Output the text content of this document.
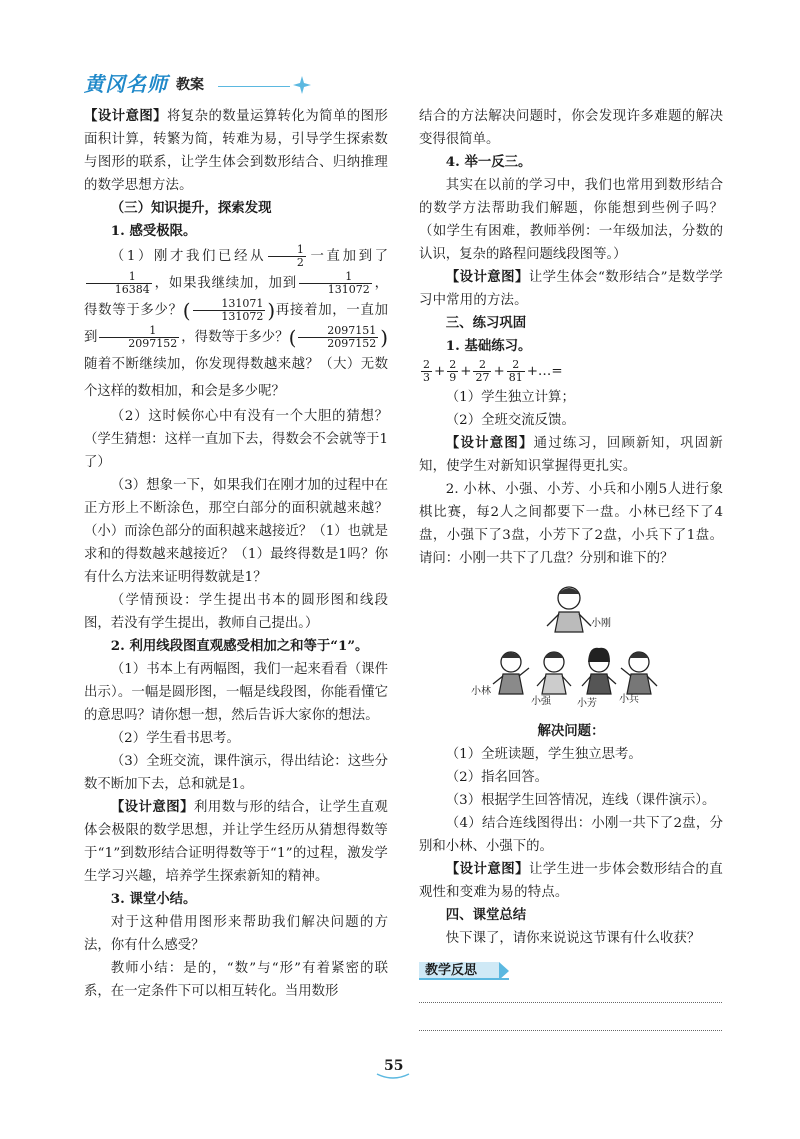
黄冈名师 教案

【设计意图】将复杂的数量运算转化为简单的图形面积计算，转繁为简，转难为易，引导学生探索数与图形的联系，让学生体会到数形结合、归纳推理的数学思想方法。

（三）知识提升，探索发现

1. 感受极限。

（1）刚才我们已经从 $\frac{1}{2}$ 一直加到了
$\frac{1}{16384}$ ，如果我继续加，加到 $\frac{1}{131072}$ ，得数等于多少？( $\frac{131071}{131072}$ )再接着加，一直加到 $\frac{1}{2097152}$ ，得数等于多少？( $\frac{2097151}{2097152}$ )随着不断继续加，你发现得数越来越？（大）无数个这样的数相加，和会是多少呢？

（2）这时候你心中有没有一个大胆的猜想？（学生猜想：这样一直加下去，得数会不会就等于1了）

（3）想象一下，如果我们在刚才加的过程中在正方形上不断涂色，那空白部分的面积就越来越？（小）而涂色部分的面积越来越接近？（1）也就是求和的得数越来越接近？（1）最终得数是1吗？你有什么方法来证明得数就是1？

（学情预设：学生提出书本的圆形图和线段图，若没有学生提出，教师自己提出。）

2. 利用线段图直观感受相加之和等于“1”。

（1）书本上有两幅图，我们一起来看看（课件出示）。一幅是圆形图，一幅是线段图，你能看懂它的意思吗？请你想一想，然后告诉大家你的想法。

（2）学生看书思考。

（3）全班交流，课件演示，得出结论：这些分数不断加下去，总和就是1。

【设计意图】利用数与形的结合，让学生直观体会极限的数学思想，并让学生经历从猜想得数等于“1”到数形结合证明得数等于“1”的过程，激发学生学习兴趣，培养学生探索新知的精神。

3. 课堂小结。

对于这种借用图形来帮助我们解决问题的方法，你有什么感受？

教师小结：是的，“数”与“形”有着紧密的联系，在一定条件下可以相互转化。当用数形

结合的方法解决问题时，你会发现许多难题的解决变得很简单。

4. 举一反三。

其实在以前的学习中，我们也常用到数形结合的数学方法帮助我们解题，你能想到些例子吗？（如学生有困难，教师举例：一年级加法，分数的认识，复杂的路程问题线段图等。）

【设计意图】让学生体会“数形结合”是数学学习中常用的方法。

三、练习巩固

1. 基础练习。

$\frac{2}{3} + \frac{2}{9} + \frac{2}{27} + \frac{2}{81}$ +…=

（1）学生独立计算；

（2）全班交流反馈。

【设计意图】通过练习，回顾新知，巩固新知，使学生对新知识掌握得更扎实。

2. 小林、小强、小芳、小兵和小刚5人进行象棋比赛，每2人之间都要下一盘。小林已经下了4盘，小强下了3盘，小芳下了2盘，小兵下了1盘。请问：小刚一共下了几盘？分别和谁下的？

小刚
小林
小强	小芳 小兵

解决问题：

（1）全班读题，学生独立思考。

（2）指名回答。

（3）根据学生回答情况，连线（课件演示）。

（4）结合连线图得出：小刚一共下了2盘，分别和小林、小强下的。

【设计意图】让学生进一步体会数形结合的直观性和变难为易的特点。

四、课堂总结

快下课了，请你来说说这节课有什么收获？

教学反思
55
